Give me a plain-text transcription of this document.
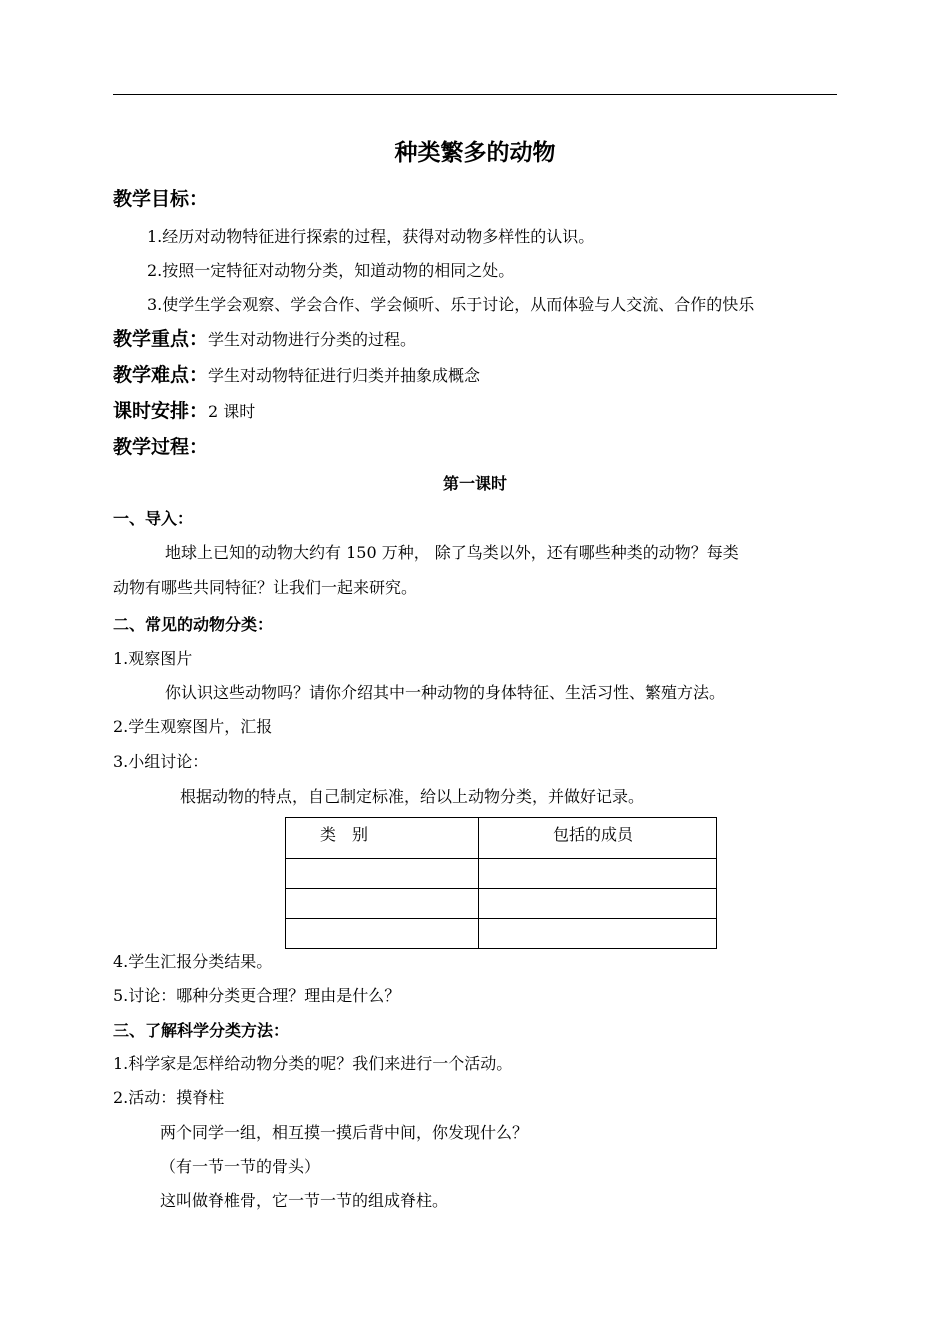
种类繁多的动物
教学目标：
1.经历对动物特征进行探索的过程，获得对动物多样性的认识。
2.按照一定特征对动物分类，知道动物的相同之处。
3.使学生学会观察、学会合作、学会倾听、乐于讨论，从而体验与人交流、合作的快乐
教学重点：学生对动物进行分类的过程。
教学难点：学生对动物特征进行归类并抽象成概念
课时安排：2 课时
教学过程：
第一课时
一、导入：
地球上已知的动物大约有 150 万种， 除了鸟类以外，还有哪些种类的动物？每类
动物有哪些共同特征？让我们一起来研究。
二、常见的动物分类：
1.观察图片
你认识这些动物吗？请你介绍其中一种动物的身体特征、生活习性、繁殖方法。
2.学生观察图片，汇报
3.小组讨论：
根据动物的特点，自己制定标准，给以上动物分类，并做好记录。
类　别	包括的成员

4.学生汇报分类结果。
5.讨论：哪种分类更合理？理由是什么？
三、了解科学分类方法：
1.科学家是怎样给动物分类的呢？我们来进行一个活动。
2.活动：摸脊柱
两个同学一组，相互摸一摸后背中间，你发现什么？
（有一节一节的骨头）
这叫做脊椎骨，它一节一节的组成脊柱。
